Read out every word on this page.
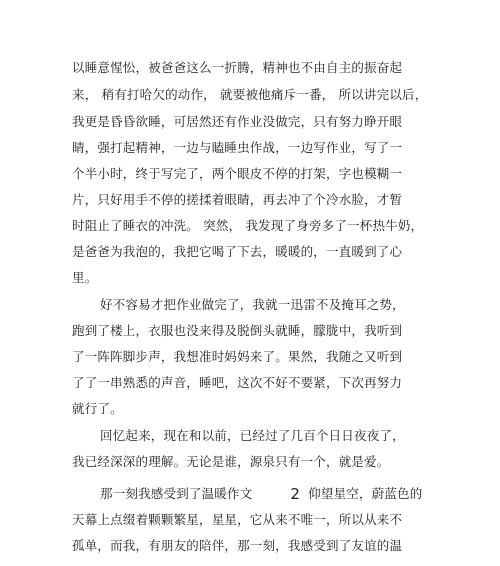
以睡意惺忪，被爸爸这么一折腾，精神也不由自主的振奋起
来， 稍有打哈欠的动作， 就要被他痛斥一番， 所以讲完以后，
我更是昏昏欲睡，可居然还有作业没做完，只有努力睁开眼
睛，强打起精神，一边与瞌睡虫作战，一边写作业，写了一
个半小时，终于写完了，两个眼皮不停的打架，字也模糊一
片，只好用手不停的搓揉着眼睛，再去冲了个冷水脸，才暂
时阻止了睡衣的冲洗。 突然， 我发现了身旁多了一杯热牛奶，
是爸爸为我泡的，我把它喝了下去，暖暖的，一直暖到了心
里。
好不容易才把作业做完了，我就一迅雷不及掩耳之势，
跑到了楼上，衣服也没来得及脱倒头就睡，朦胧中，我听到
了一阵阵脚步声，我想准时妈妈来了。果然，我随之又听到
了了一串熟悉的声音，睡吧，这次不好不要紧，下次再努力
就行了。
回忆起来，现在和以前，已经过了几百个日日夜夜了，
我已经深深的理解。无论是谁，源泉只有一个，就是爱。
那一刻我感受到了温暖作文	2 仰望星空，蔚蓝色的
天幕上点缀着颗颗繁星，星星，它从来不唯一，所以从来不
孤单，而我，有朋友的陪伴，那一刻，我感受到了友谊的温
